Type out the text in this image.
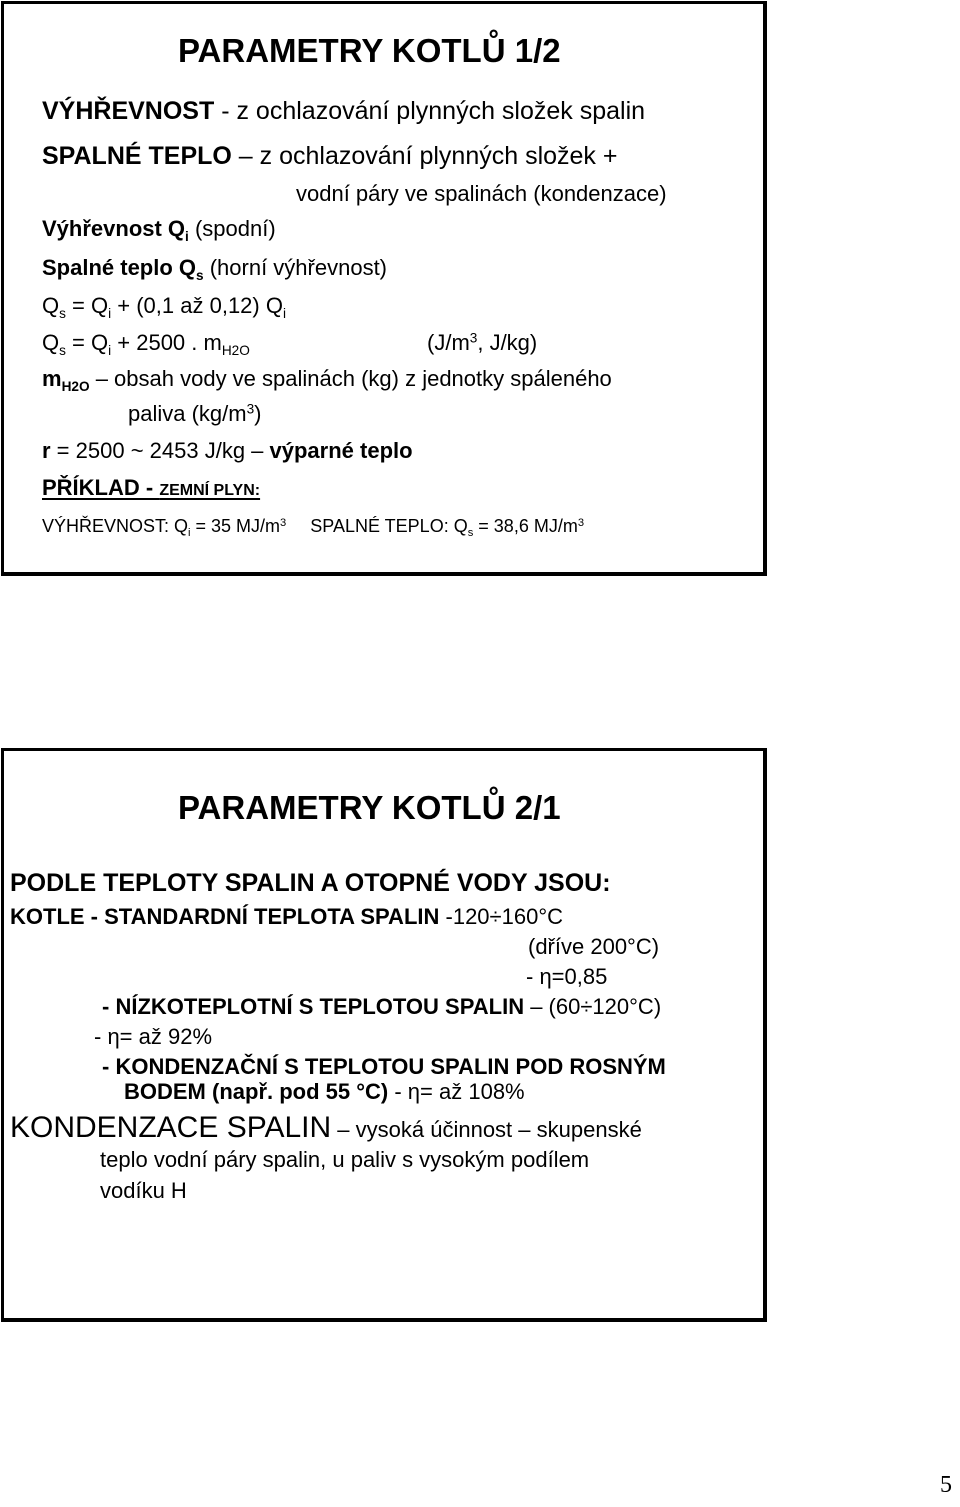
PARAMETRY KOTLŮ 1/2
VÝHŘEVNOST - z ochlazování plynných složek spalin
SPALNÉ TEPLO – z ochlazování plynných složek +
vodní páry ve spalinách (kondenzace)
Výhřevnost $Q_i$ (spodní)
Spalné teplo $Q_s$ (horní výhřevnost)
$Q_s = Q_i + (0,1$ až 0,12) $Q_i$
$Q_s = Q_i + 2500$ . $m_{H2O}$	($J/m^3$, J/kg)
$m_{H2O}$ – obsah vody ve spalinách (kg) z jednotky spáleného
paliva $(kg/m^3)$
r = 2500 ~ 2453 J/kg – výparné teplo
PŘÍKLAD - ZEMNÍ PLYN:
VÝHŘEVNOST: $Q_i = 35$ $MJ/m^3$ SPALNÉ TEPLO: $Q_s = 38,6$ $MJ/m^3$
PARAMETRY KOTLŮ 2/1
PODLE TEPLOTY SPALIN A OTOPNÉ VODY JSOU:
KOTLE - STANDARDNÍ TEPLOTA SPALIN -120÷160°C
(dříve 200°C)
- η=0,85
- NÍZKOTEPLOTNÍ S TEPLOTOU SPALIN – (60÷120°C)
- η= až 92%
- KONDENZAČNÍ S TEPLOTOU SPALIN POD ROSNÝM
BODEM (např. pod 55 °C) - η= až 108%
KONDENZACE SPALIN – vysoká účinnost – skupenské
teplo vodní páry spalin, u paliv s vysokým podílem
vodíku H
5
